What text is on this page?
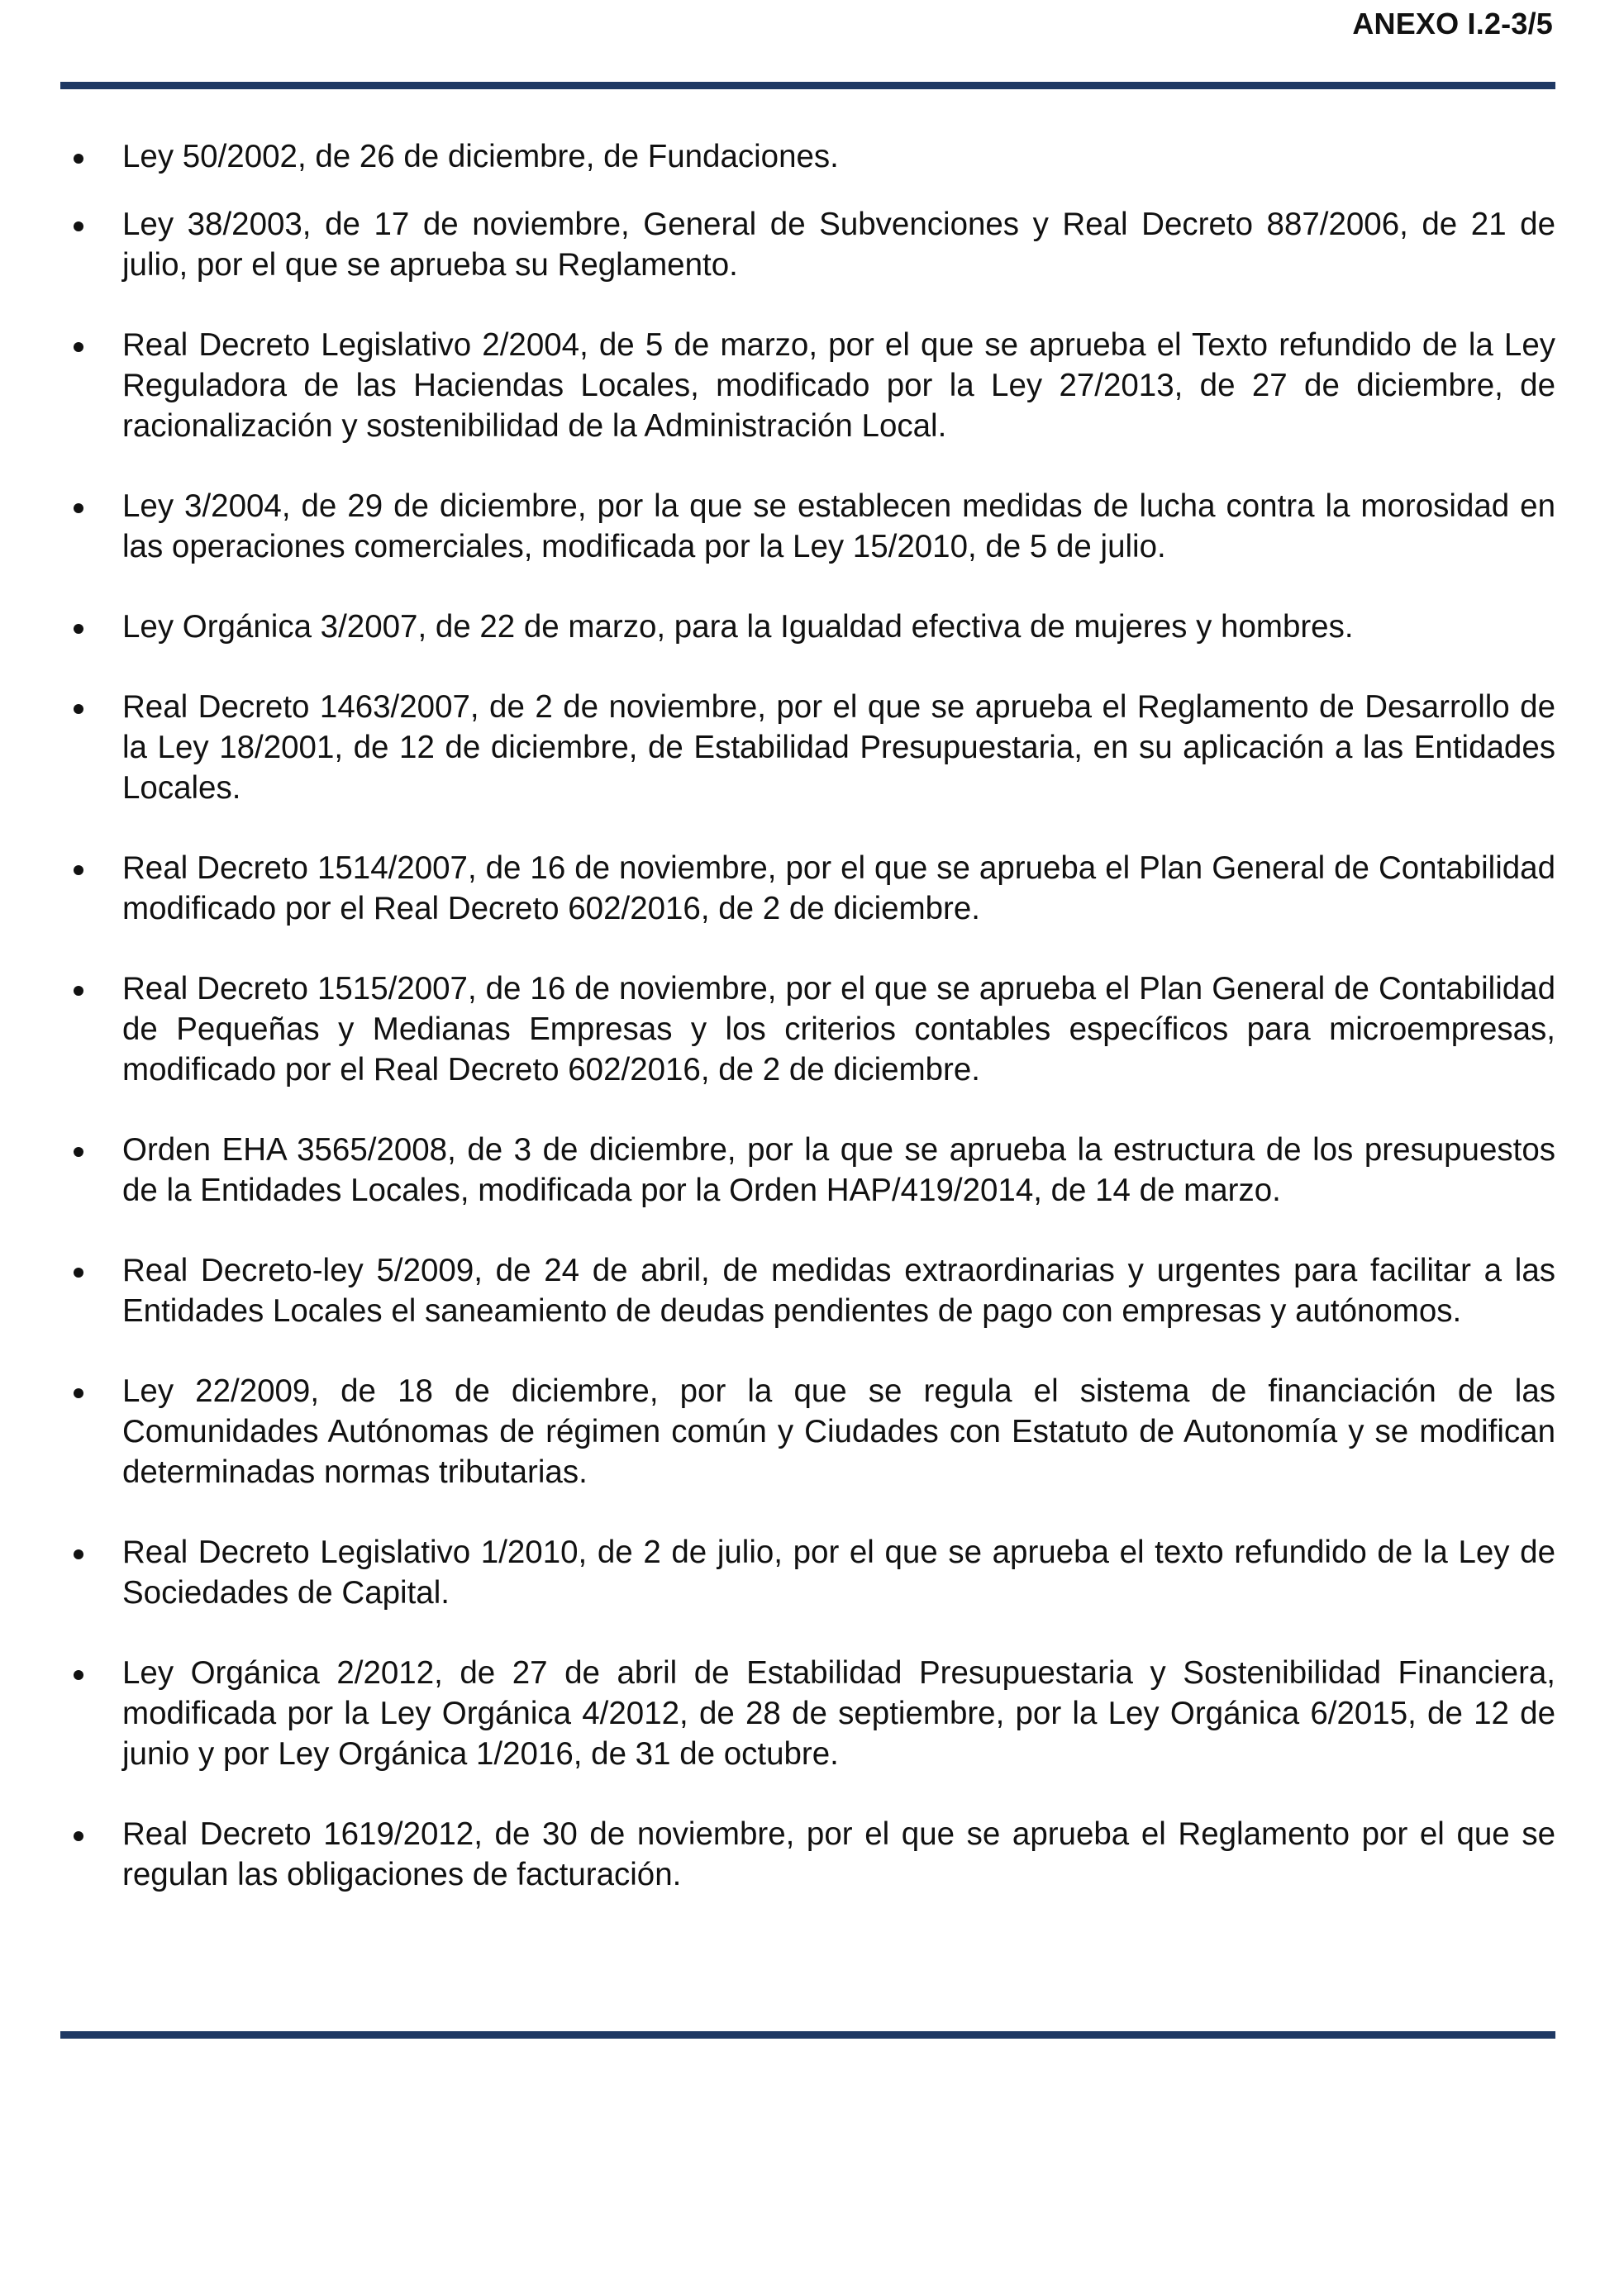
ANEXO I.2-3/5
Ley 50/2002, de 26 de diciembre, de Fundaciones.
Ley 38/2003, de 17 de noviembre, General de Subvenciones y Real Decreto 887/2006, de 21 de julio, por el que se aprueba su Reglamento.
Real Decreto Legislativo 2/2004, de 5 de marzo, por el que se aprueba el Texto refundido de la Ley Reguladora de las Haciendas Locales, modificado por la Ley 27/2013, de 27 de diciembre, de racionalización y sostenibilidad de la Administración Local.
Ley 3/2004, de 29 de diciembre, por la que se establecen medidas de lucha contra la morosidad en las operaciones comerciales, modificada por la Ley 15/2010, de 5 de julio.
Ley Orgánica 3/2007, de 22 de marzo, para la Igualdad efectiva de mujeres y hombres.
Real Decreto 1463/2007, de 2 de noviembre, por el que se aprueba el Reglamento de Desarrollo de la Ley 18/2001, de 12 de diciembre, de Estabilidad Presupuestaria, en su aplicación a las Entidades Locales.
Real Decreto 1514/2007, de 16 de noviembre, por el que se aprueba el Plan General de Contabilidad modificado por el Real Decreto 602/2016, de 2 de diciembre.
Real Decreto 1515/2007, de 16 de noviembre, por el que se aprueba el Plan General de Contabilidad de Pequeñas y Medianas Empresas y los criterios contables específicos para microempresas, modificado por el Real Decreto 602/2016, de 2 de diciembre.
Orden EHA 3565/2008, de 3 de diciembre, por la que se aprueba la estructura de los presupuestos de la Entidades Locales, modificada por la Orden HAP/419/2014, de 14 de marzo.
Real Decreto-ley 5/2009, de 24 de abril, de medidas extraordinarias y urgentes para facilitar a las Entidades Locales el saneamiento de deudas pendientes de pago con empresas y autónomos.
Ley 22/2009, de 18 de diciembre, por la que se regula el sistema de financiación de las Comunidades Autónomas de régimen común y Ciudades con Estatuto de Autonomía y se modifican determinadas normas tributarias.
Real Decreto Legislativo 1/2010, de 2 de julio, por el que se aprueba el texto refundido de la Ley de Sociedades de Capital.
Ley Orgánica 2/2012, de 27 de abril de Estabilidad Presupuestaria y Sostenibilidad Financiera, modificada por la Ley Orgánica 4/2012, de 28 de septiembre, por la Ley Orgánica 6/2015, de 12 de junio y por Ley Orgánica 1/2016, de 31 de octubre.
Real Decreto 1619/2012, de 30 de noviembre, por el que se aprueba el Reglamento por el que se regulan las obligaciones de facturación.
